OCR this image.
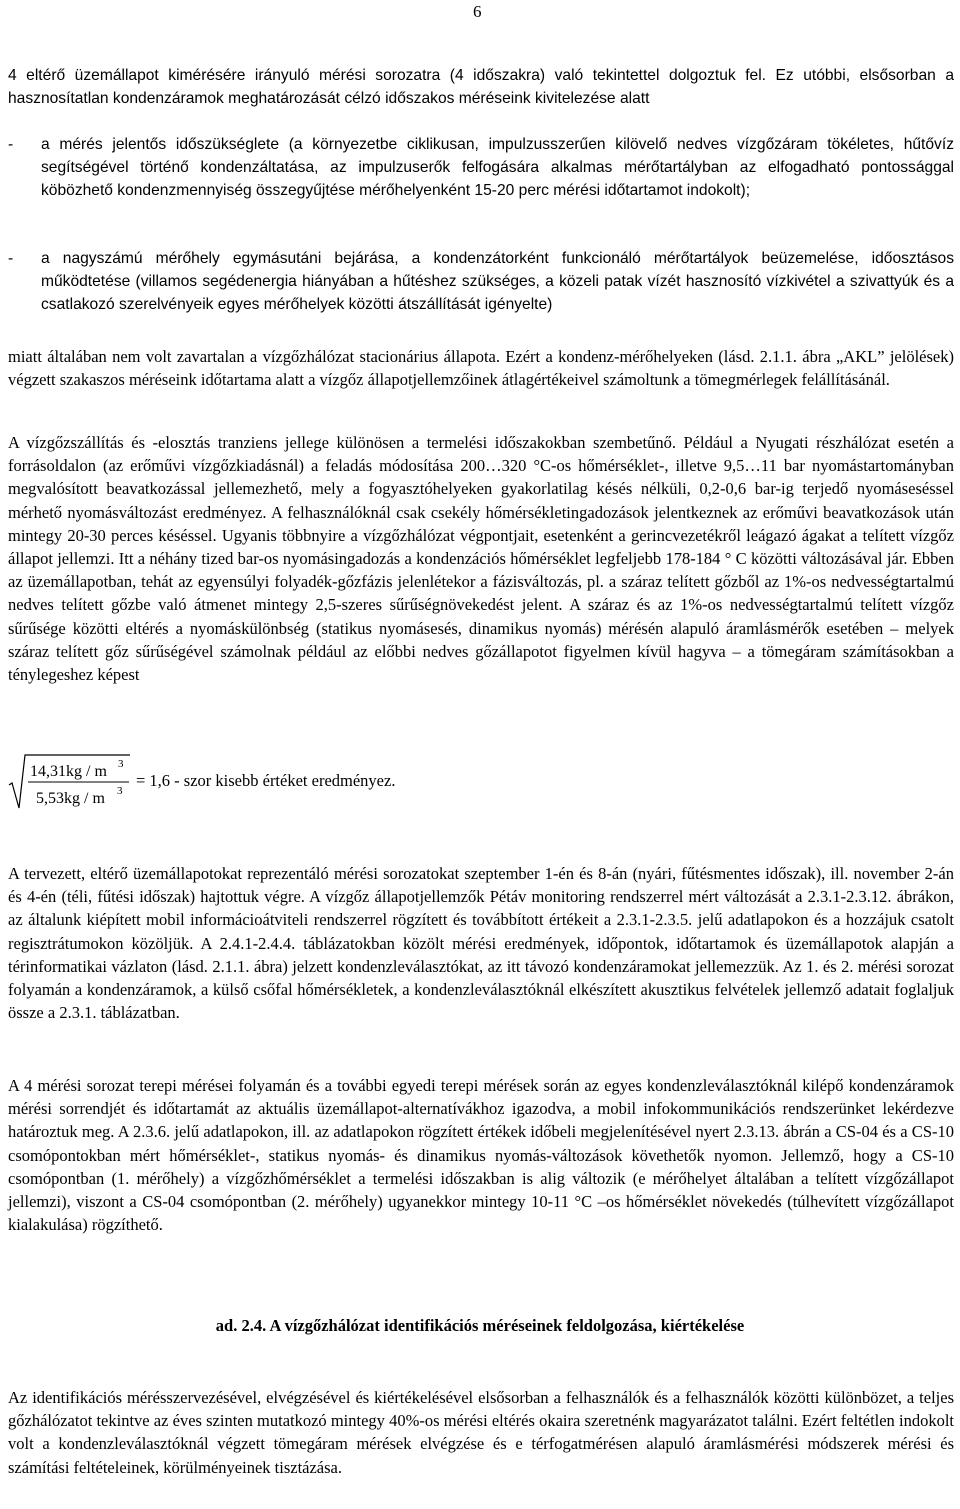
6

4 eltérő üzemállapot kimérésére irányuló mérési sorozatra (4 időszakra) való tekintettel dolgoztuk fel. Ez utóbbi, elsősorban a hasznosítatlan kondenzáramok meghatározását célzó időszakos méréseink kivitelezése alatt

- a mérés jelentős időszükséglete (a környezetbe ciklikusan, impulzusszerűen kilövelő nedves vízgőzáram tökéletes, hűtővíz segítségével történő kondenzáltatása, az impulzuserők felfogására alkalmas mérőtartályban az elfogadható pontossággal köbözhető kondenzmennyiség összegyűjtése mérőhelyenként 15-20 perc mérési időtartamot indokolt);
- a nagyszámú mérőhely egymásutáni bejárása, a kondenzátorként funkcionáló mérőtartályok beüzemelése, időosztásos működtetése (villamos segédenergia hiányában a hűtéshez szükséges, a közeli patak vízét hasznosító vízkivétel a szivattyúk és a csatlakozó szerelvényeik egyes mérőhelyek közötti átszállítását igényelte)

miatt általában nem volt zavartalan a vízgőzhálózat stacionárius állapota. Ezért a kondenz-mérőhelyeken (lásd. 2.1.1. ábra „AKL” jelölések) végzett szakaszos méréseink időtartama alatt a vízgőz állapotjellemzőinek átlagértékeivel számoltunk a tömegmérlegek felállításánál.

A vízgőzszállítás és -elosztás tranziens jellege különösen a termelési időszakokban szembetűnő. Például a Nyugati részhálózat esetén a forrásoldalon (az erőművi vízgőzkiadásnál) a feladás módosítása 200…320 °C-os hőmérséklet-, illetve 9,5…11 bar nyomástartományban megvalósított beavatkozással jellemezhető, mely a fogyasztóhelyeken gyakorlatilag késés nélküli, 0,2-0,6 bar-ig terjedő nyomáseséssel mérhető nyomásváltozást eredményez. A felhasználóknál csak csekély hőmérsékletingadozások jelentkeznek az erőművi beavatkozások után mintegy 20-30 perces késéssel. Ugyanis többnyire a vízgőzhálózat végpontjait, esetenként a gerincvezetékről leágazó ágakat a telített vízgőz állapot jellemzi. Itt a néhány tized bar-os nyomásingadozás a kondenzációs hőmérséklet legfeljebb 178-184 ° C közötti változásával jár. Ebben az üzemállapotban, tehát az egyensúlyi folyadék-gőzfázis jelenlétekor a fázisváltozás, pl. a száraz telített gőzből az 1%-os nedvességtartalmú nedves telített gőzbe való átmenet mintegy 2,5-szeres sűrűségnövekedést jelent. A száraz és az 1%-os nedvességtartalmú telített vízgőz sűrűsége közötti eltérés a nyomáskülönbség (statikus nyomásesés, dinamikus nyomás) mérésén alapuló áramlásmérők esetében – melyek száraz telített gőz sűrűségével számolnak például az előbbi nedves gőzállapotot figyelmen kívül hagyva – a tömegáram számításokban a ténylegeshez képest

14,31kg / m 3
5,53kg / m 3
= 1,6 - szor kisebb értéket eredményez.

A tervezett, eltérő üzemállapotokat reprezentáló mérési sorozatokat szeptember 1-én és 8-án (nyári, fűtésmentes időszak), ill. november 2-án és 4-én (téli, fűtési időszak) hajtottuk végre. A vízgőz állapotjellemzők Pétáv monitoring rendszerrel mért változását a 2.3.1-2.3.12. ábrákon, az általunk kiépített mobil informácioátviteli rendszerrel rögzített és továbbított értékeit a 2.3.1-2.3.5. jelű adatlapokon és a hozzájuk csatolt regisztrátumokon közöljük. A 2.4.1-2.4.4. táblázatokban közölt mérési eredmények, időpontok, időtartamok és üzemállapotok alapján a térinformatikai vázlaton (lásd. 2.1.1. ábra) jelzett kondenzleválasztókat, az itt távozó kondenzáramokat jellemezzük. Az 1. és 2. mérési sorozat folyamán a kondenzáramok, a külső csőfal hőmérsékletek, a kondenzleválasztóknál elkészített akusztikus felvételek jellemző adatait foglaljuk össze a 2.3.1. táblázatban.

A 4 mérési sorozat terepi mérései folyamán és a további egyedi terepi mérések során az egyes kondenzleválasztóknál kilépő kondenzáramok mérési sorrendjét és időtartamát az aktuális üzemállapot-alternatívákhoz igazodva, a mobil infokommunikációs rendszerünket lekérdezve határoztuk meg. A 2.3.6. jelű adatlapokon, ill. az adatlapokon rögzített értékek időbeli megjelenítésével nyert 2.3.13. ábrán a CS-04 és a CS-10 csomópontokban mért hőmérséklet-, statikus nyomás- és dinamikus nyomás-változások követhetők nyomon. Jellemző, hogy a CS-10 csomópontban (1. mérőhely) a vízgőzhőmérséklet a termelési időszakban is alig változik (e mérőhelyet általában a telített vízgőzállapot jellemzi), viszont a CS-04 csomópontban (2. mérőhely) ugyanekkor mintegy 10-11 °C –os hőmérséklet növekedés (túlhevített vízgőzállapot kialakulása) rögzíthető.

ad. 2.4. A vízgőzhálózat identifikációs méréseinek feldolgozása, kiértékelése

Az identifikációs mérésszervezésével, elvégzésével és kiértékelésével elsősorban a felhasználók és a felhasználók közötti különbözet, a teljes gőzhálózatot tekintve az éves szinten mutatkozó mintegy 40%-os mérési eltérés okaira szeretnénk magyarázatot találni. Ezért feltétlen indokolt volt a kondenzleválasztóknál végzett tömegáram mérések elvégzése és e térfogatmérésen alapuló áramlásmérési módszerek mérési és számítási feltételeinek, körülményeinek tisztázása.
